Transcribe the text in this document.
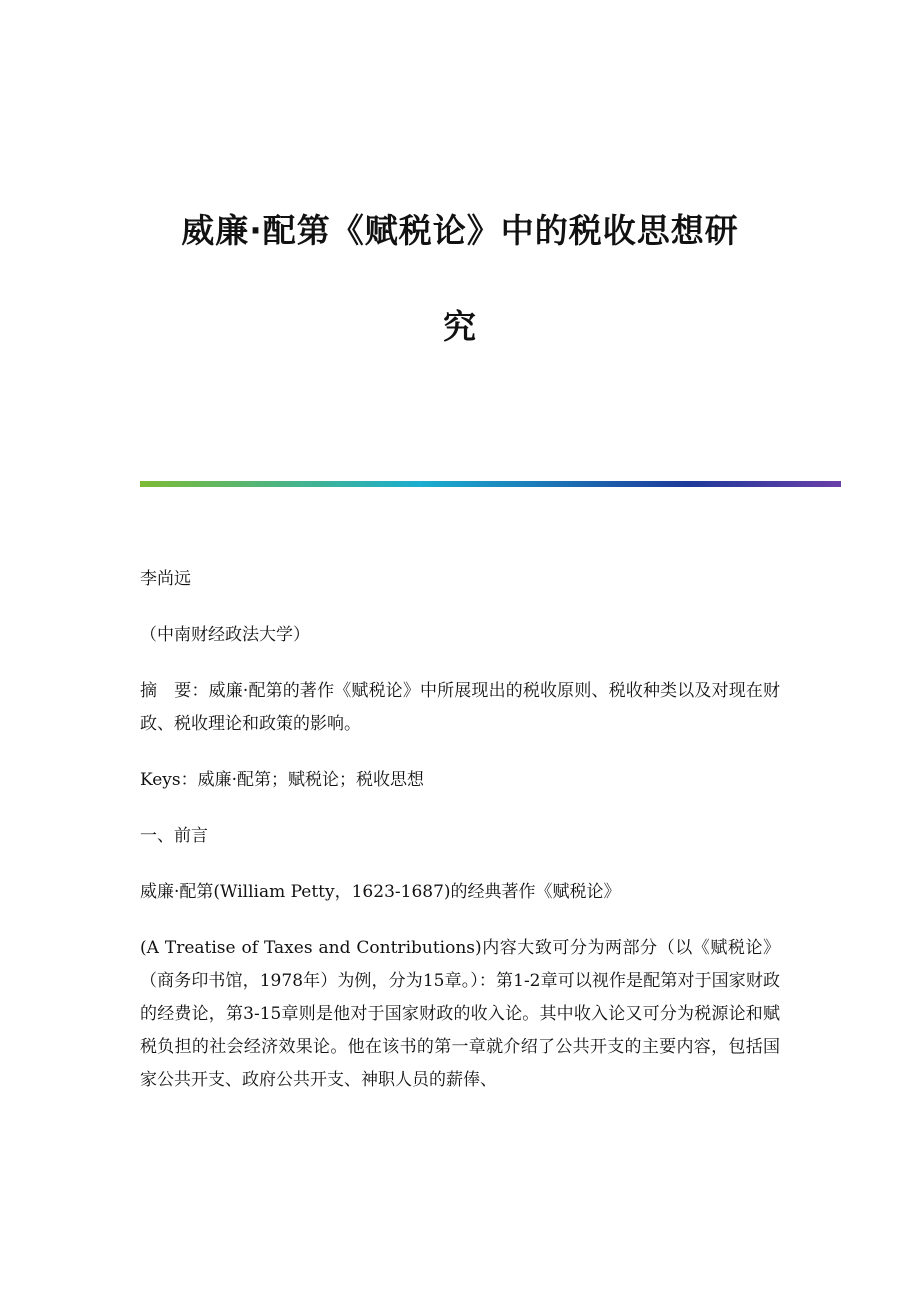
威廉·配第《赋税论》中的税收思想研
究

李尚远

（中南财经政法大学）

摘　要：威廉·配第的著作《赋税论》中所展现出的税收原则、税收种类以及对现在财政、税收理论和政策的影响。

Keys：威廉·配第；赋税论；税收思想

一、前言

威廉·配第(William Petty，1623-1687)的经典著作《赋税论》

(A Treatise of Taxes and Contributions)内容大致可分为两部分（以《赋税论》（商务印书馆，1978年）为例，分为15章。）：第1-2章可以视作是配第对于国家财政的经费论，第3-15章则是他对于国家财政的收入论。其中收入论又可分为税源论和赋税负担的社会经济效果论。他在该书的第一章就介绍了公共开支的主要内容，包括国家公共开支、政府公共开支、神职人员的薪俸、
